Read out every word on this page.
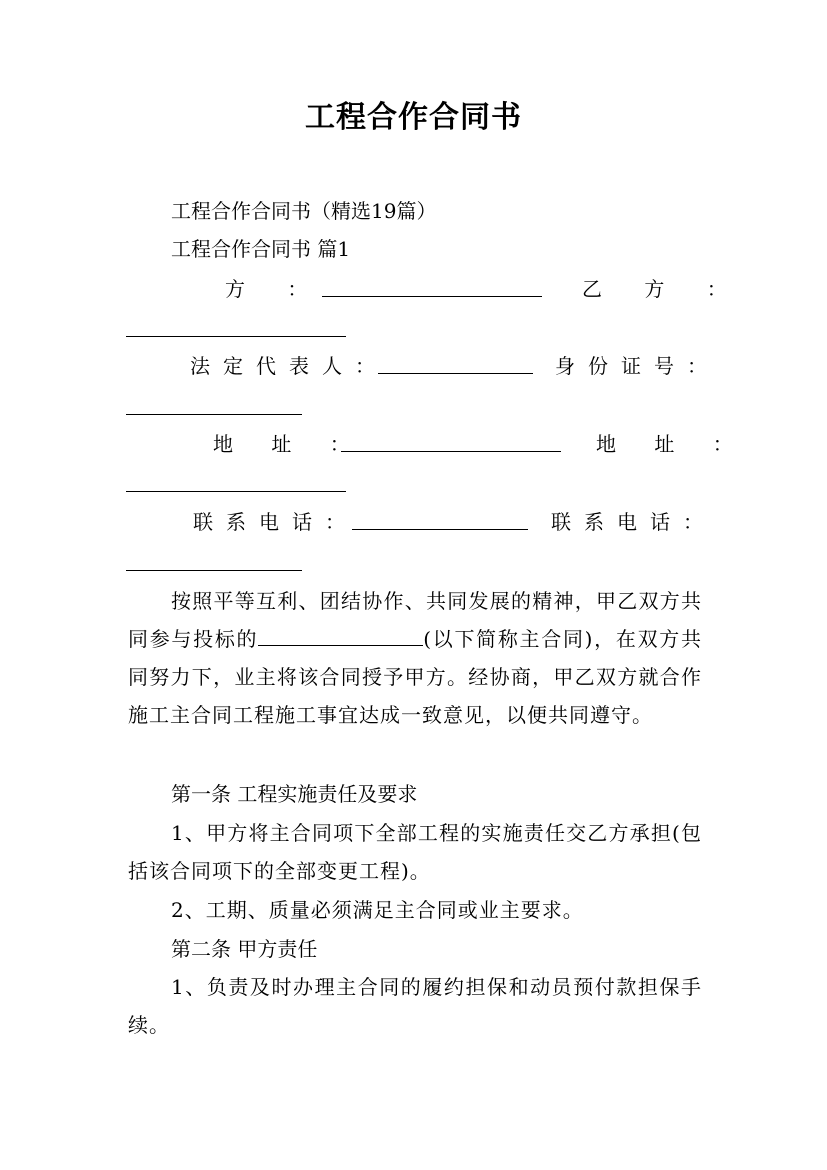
工程合作合同书
工程合作合同书（精选19篇）
工程合作合同书 篇1
方 ：	乙 方 ：
法定代表人：	身份证号：
地 址 ：	地 址 ：
联系电话：	联系电话：
按照平等互利、团结协作、共同发展的精神，甲乙双方共同参与投标的	(以下简称主合同)，在双方共同努力下，业主将该合同授予甲方。经协商，甲乙双方就合作施工主合同工程施工事宜达成一致意见，以便共同遵守。
第一条 工程实施责任及要求
1、甲方将主合同项下全部工程的实施责任交乙方承担(包括该合同项下的全部变更工程)。
2、工期、质量必须满足主合同或业主要求。
第二条 甲方责任
1、负责及时办理主合同的履约担保和动员预付款担保手续。
